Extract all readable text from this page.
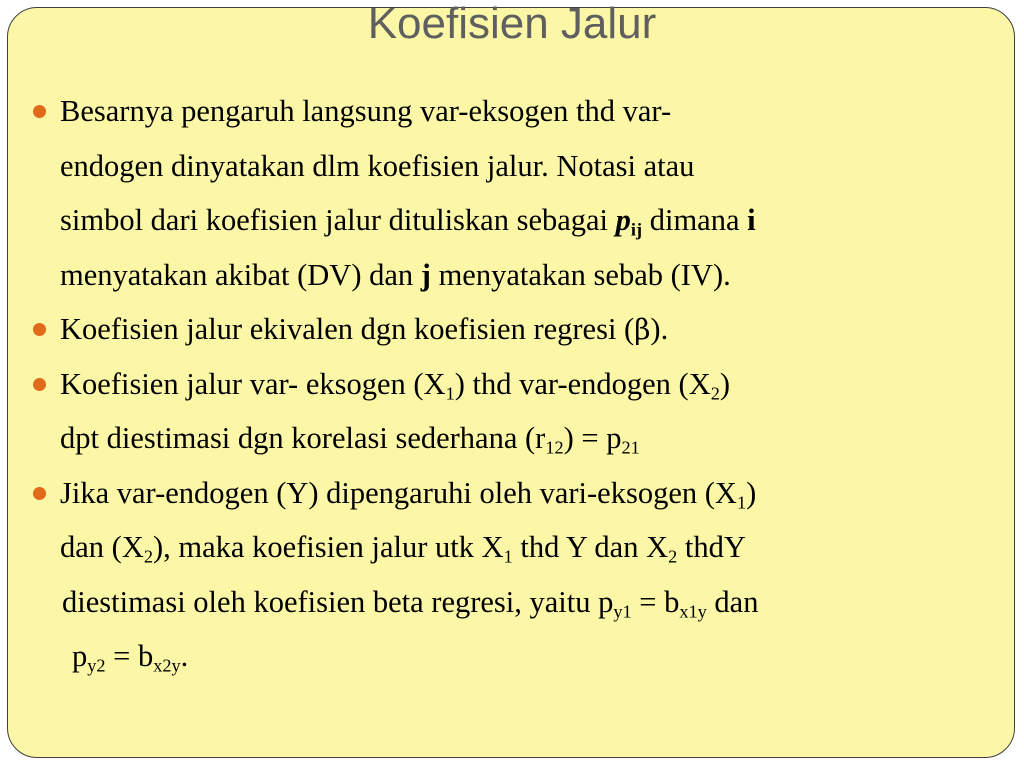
Koefisien Jalur
Besarnya pengaruh langsung var-eksogen thd var-
endogen dinyatakan dlm koefisien jalur. Notasi atau
simbol dari koefisien jalur dituliskan sebagai $p_{ij}$ dimana i
menyatakan akibat (DV) dan j menyatakan sebab (IV).
Koefisien jalur ekivalen dgn koefisien regresi (β).
Koefisien jalur var- eksogen $(X_1)$ thd var-endogen $(X_2)$
dpt diestimasi dgn korelasi sederhana $(r_{12}) = p_{21}$
Jika var-endogen (Y) dipengaruhi oleh vari-eksogen $(X_1)$
dan $(X_2)$, maka koefisien jalur utk $X_1$ thd Y dan $X_2$ thdY
diestimasi oleh koefisien beta regresi, yaitu $p_{y1} = b_{x1y}$ dan
$p_{y2} = b_{x2y}$.
